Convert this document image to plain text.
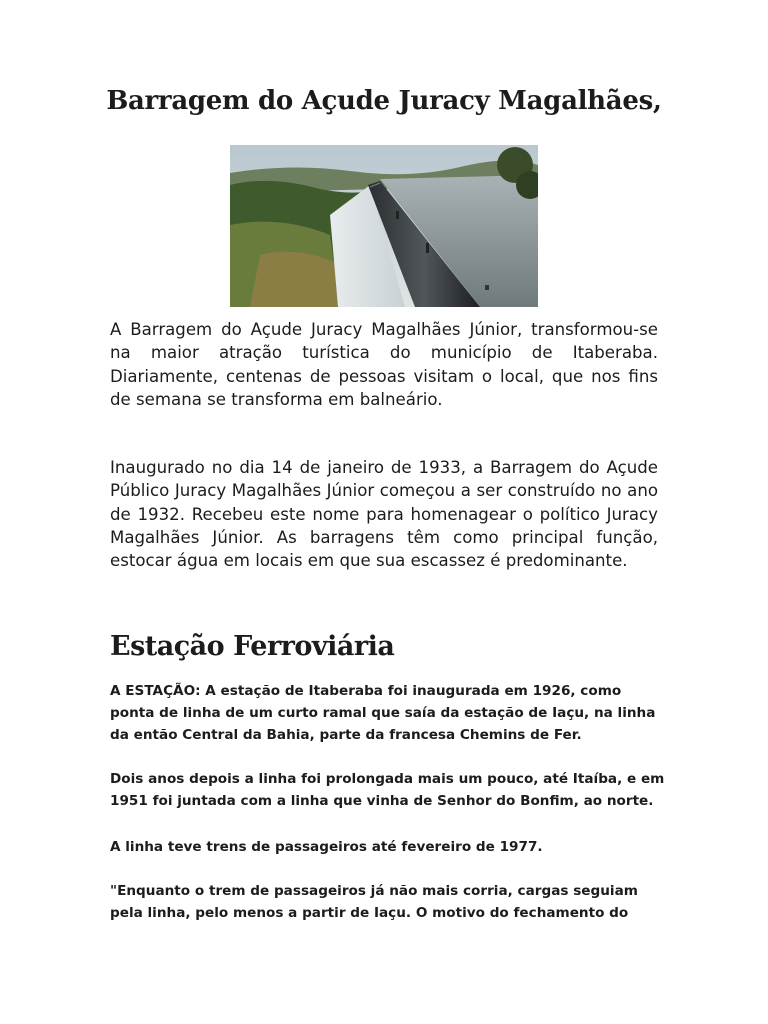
Barragem do Açude Juracy Magalhães,

A Barragem do Açude Juracy Magalhães Júnior, transformou-se na maior atração turística do município de Itaberaba. Diariamente, centenas de pessoas visitam o local, que nos fins de semana se transforma em balneário.

Inaugurado no dia 14 de janeiro de 1933, a Barragem do Açude Público Juracy Magalhães Júnior começou a ser construído no ano de 1932. Recebeu este nome para homenagear o político Juracy Magalhães Júnior. As barragens têm como principal função, estocar água em locais em que sua escassez é predominante.

Estação Ferroviária

A ESTAÇÃO: A estação de Itaberaba foi inaugurada em 1926, como ponta de linha de um curto ramal que saía da estação de Iaçu, na linha da então Central da Bahia, parte da francesa Chemins de Fer.

Dois anos depois a linha foi prolongada mais um pouco, até Itaíba, e em 1951 foi juntada com a linha que vinha de Senhor do Bonfim, ao norte.

A linha teve trens de passageiros até fevereiro de 1977.

"Enquanto o trem de passageiros já não mais corria, cargas seguiam pela linha, pelo menos a partir de Iaçu. O motivo do fechamento do
